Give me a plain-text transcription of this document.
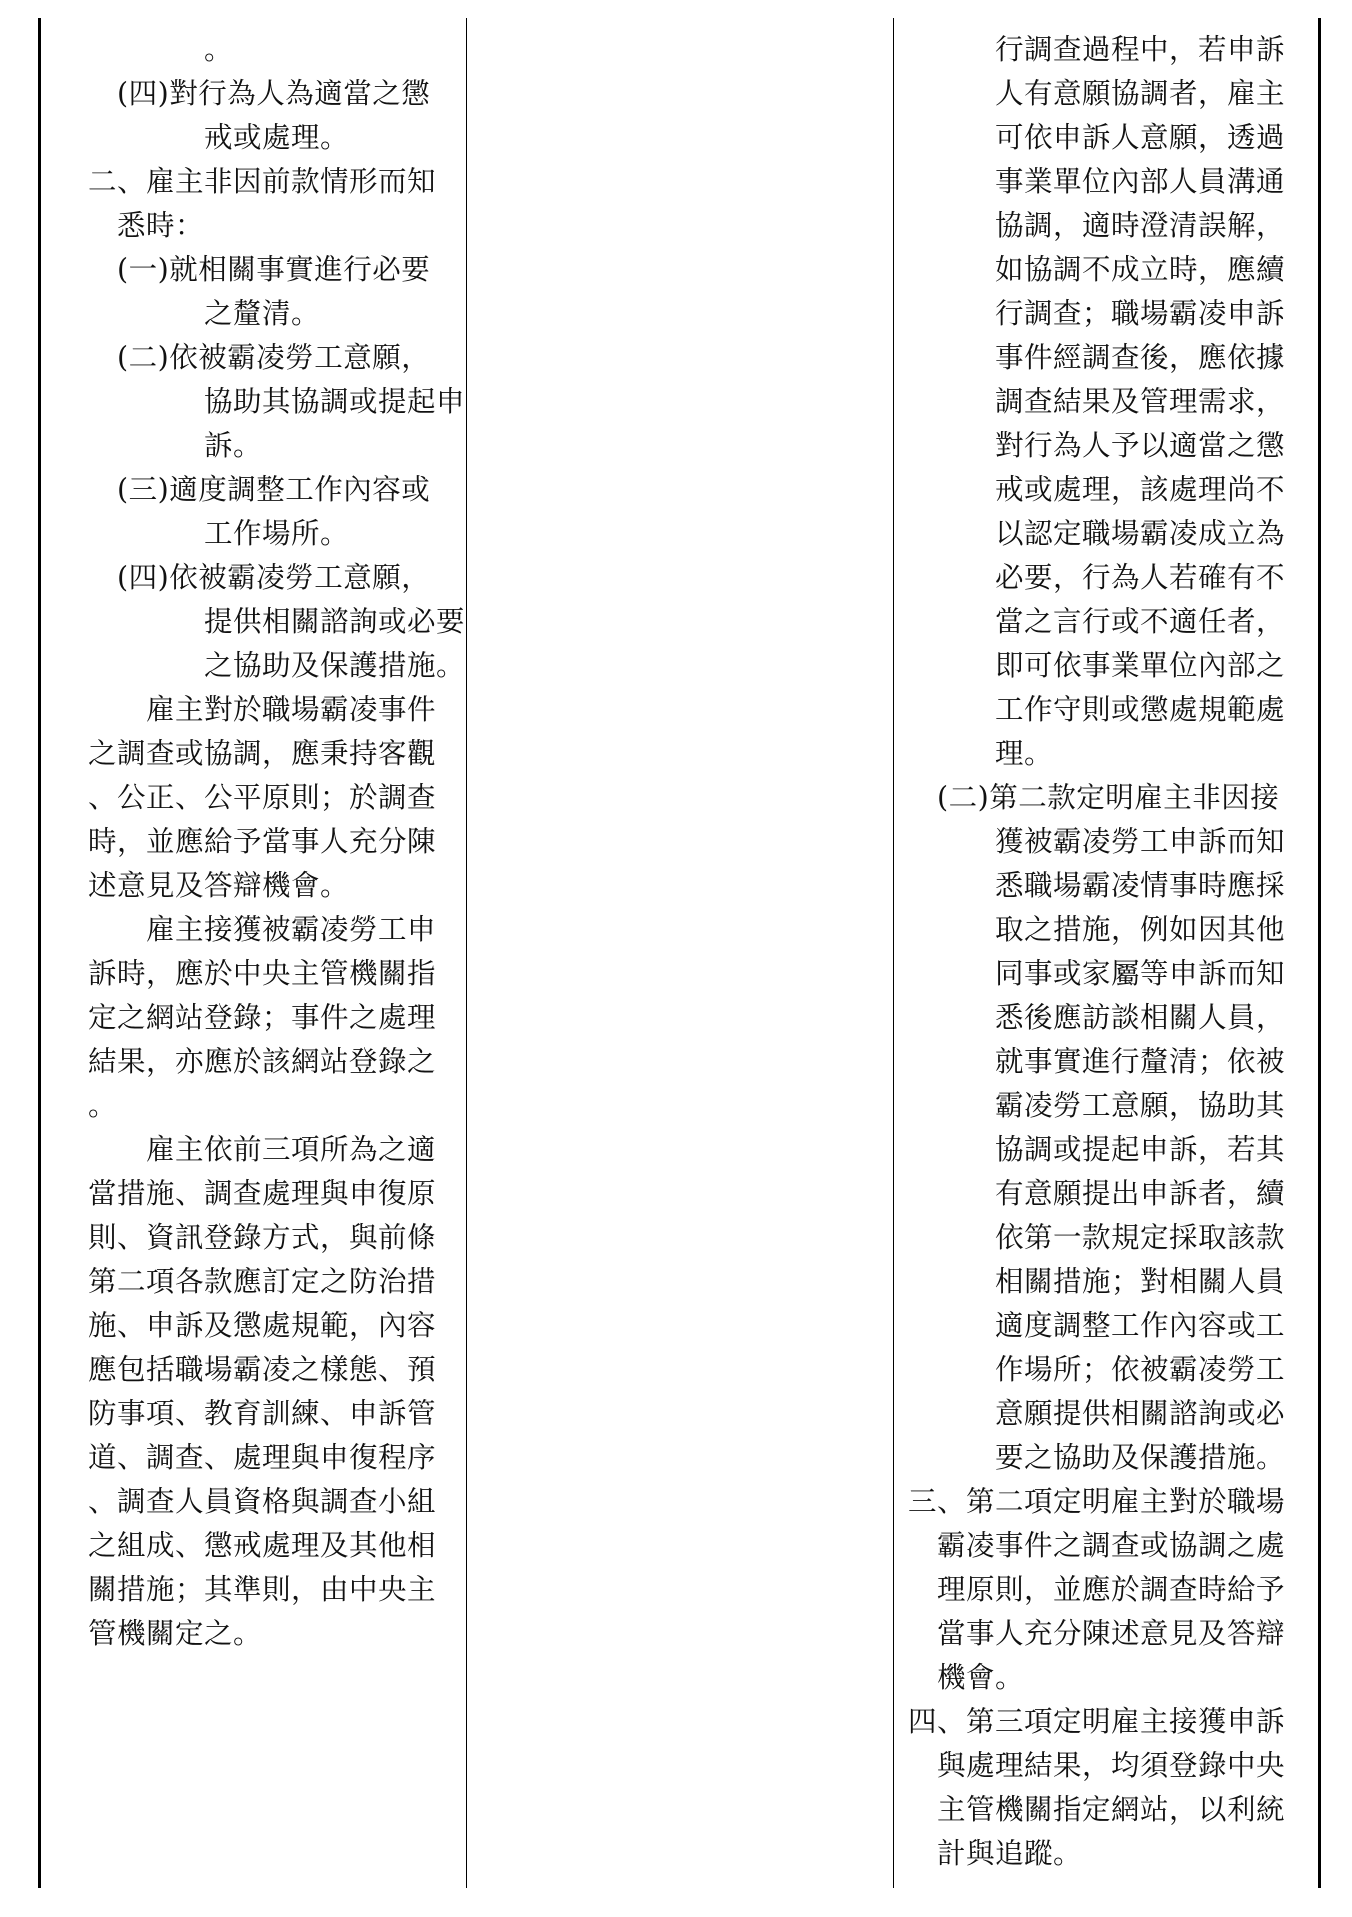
　　　　。
　(四)對行為人為適當之懲
　　　　戒或處理。
二、雇主非因前款情形而知
　悉時：
　(一)就相關事實進行必要
　　　　之釐清。
　(二)依被霸凌勞工意願，
　　　　協助其協調或提起申
　　　　訴。
　(三)適度調整工作內容或
　　　　工作場所。
　(四)依被霸凌勞工意願，
　　　　提供相關諮詢或必要
　　　　之協助及保護措施。
　　雇主對於職場霸凌事件
之調查或協調，應秉持客觀
、公正、公平原則；於調查
時，並應給予當事人充分陳
述意見及答辯機會。
　　雇主接獲被霸凌勞工申
訴時，應於中央主管機關指
定之網站登錄；事件之處理
結果，亦應於該網站登錄之
。
　　雇主依前三項所為之適
當措施、調查處理與申復原
則、資訊登錄方式，與前條
第二項各款應訂定之防治措
施、申訴及懲處規範，內容
應包括職場霸凌之樣態、預
防事項、教育訓練、申訴管
道、調查、處理與申復程序
、調查人員資格與調查小組
之組成、懲戒處理及其他相
關措施；其準則，由中央主
管機關定之。
　　　行調查過程中，若申訴
　　　人有意願協調者，雇主
　　　可依申訴人意願，透過
　　　事業單位內部人員溝通
　　　協調，適時澄清誤解，
　　　如協調不成立時，應續
　　　行調查；職場霸凌申訴
　　　事件經調查後，應依據
　　　調查結果及管理需求，
　　　對行為人予以適當之懲
　　　戒或處理，該處理尚不
　　　以認定職場霸凌成立為
　　　必要，行為人若確有不
　　　當之言行或不適任者，
　　　即可依事業單位內部之
　　　工作守則或懲處規範處
　　　理。
　(二)第二款定明雇主非因接
　　　獲被霸凌勞工申訴而知
　　　悉職場霸凌情事時應採
　　　取之措施，例如因其他
　　　同事或家屬等申訴而知
　　　悉後應訪談相關人員，
　　　就事實進行釐清；依被
　　　霸凌勞工意願，協助其
　　　協調或提起申訴，若其
　　　有意願提出申訴者，續
　　　依第一款規定採取該款
　　　相關措施；對相關人員
　　　適度調整工作內容或工
　　　作場所；依被霸凌勞工
　　　意願提供相關諮詢或必
　　　要之協助及保護措施。
三、第二項定明雇主對於職場
　霸凌事件之調查或協調之處
　理原則，並應於調查時給予
　當事人充分陳述意見及答辯
　機會。
四、第三項定明雇主接獲申訴
　與處理結果，均須登錄中央
　主管機關指定網站，以利統
　計與追蹤。
